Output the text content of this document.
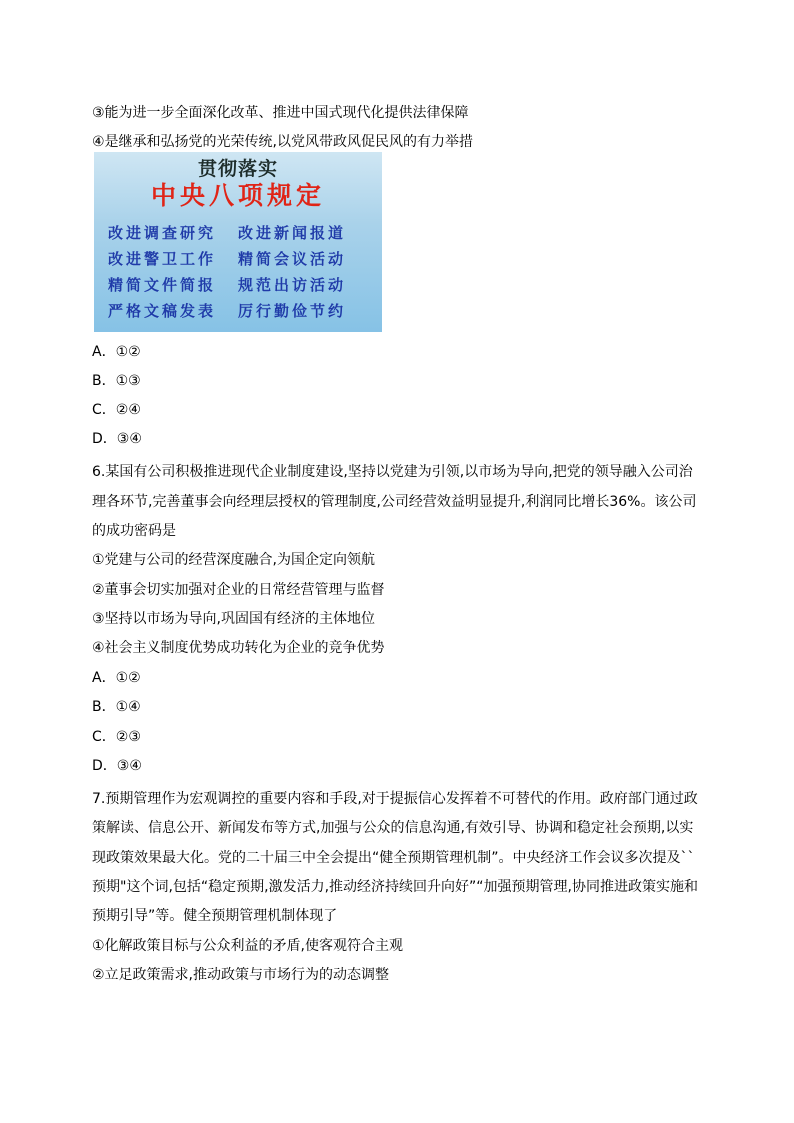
③能为进一步全面深化改革、推进中国式现代化提供法律保障
④是继承和弘扬党的光荣传统,以党风带政风促民风的有力举措
贯彻落实
中央八项规定
改进调查研究	改进新闻报道
改进警卫工作	精简会议活动
精简文件简报	规范出访活动
严格文稿发表	厉行勤俭节约
A．①②
B．①③
C．②④
D．③④
6.某国有公司积极推进现代企业制度建设,坚持以党建为引领,以市场为导向,把党的领导融入公司治
理各环节,完善董事会向经理层授权的管理制度,公司经营效益明显提升,利润同比增长36%。该公司
的成功密码是
①党建与公司的经营深度融合,为国企定向领航
②董事会切实加强对企业的日常经营管理与监督
③坚持以市场为导向,巩固国有经济的主体地位
④社会主义制度优势成功转化为企业的竞争优势
A．①②
B．①④
C．②③
D．③④
7.预期管理作为宏观调控的重要内容和手段,对于提振信心发挥着不可替代的作用。政府部门通过政
策解读、信息公开、新闻发布等方式,加强与公众的信息沟通,有效引导、协调和稳定社会预期,以实
现政策效果最大化。党的二十届三中全会提出“健全预期管理机制”。中央经济工作会议多次提及``
预期"这个词,包括“稳定预期,激发活力,推动经济持续回升向好”“加强预期管理,协同推进政策实施和
预期引导”等。健全预期管理机制体现了
①化解政策目标与公众利益的矛盾,使客观符合主观
②立足政策需求,推动政策与市场行为的动态调整
